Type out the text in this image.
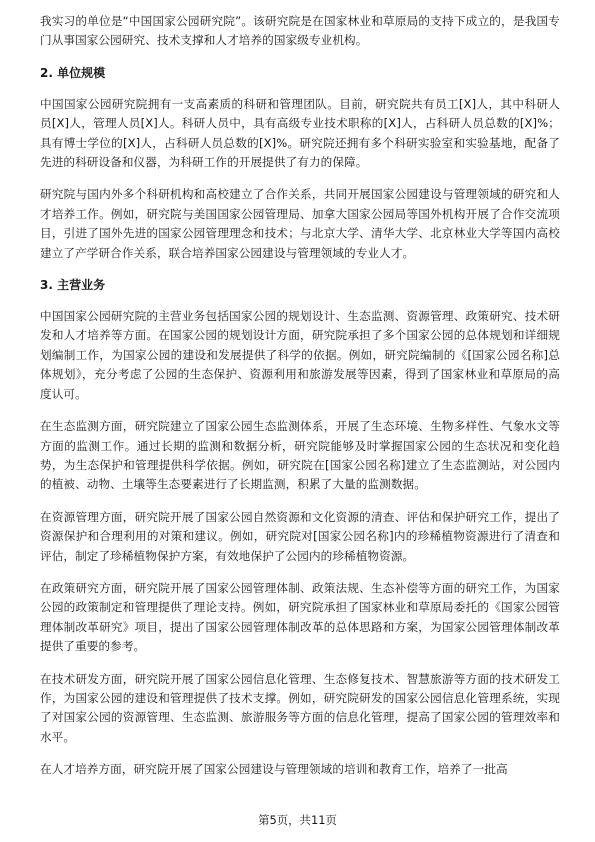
我实习的单位是“中国国家公园研究院”。该研究院是在国家林业和草原局的支持下成立的，是我国专门从事国家公园研究、技术支撑和人才培养的国家级专业机构。

2. 单位规模

中国国家公园研究院拥有一支高素质的科研和管理团队。目前，研究院共有员工[X]人，其中科研人员[X]人，管理人员[X]人。科研人员中，具有高级专业技术职称的[X]人，占科研人员总数的[X]%；具有博士学位的[X]人，占科研人员总数的[X]%。研究院还拥有多个科研实验室和实验基地，配备了先进的科研设备和仪器，为科研工作的开展提供了有力的保障。

研究院与国内外多个科研机构和高校建立了合作关系，共同开展国家公园建设与管理领域的研究和人才培养工作。例如，研究院与美国国家公园管理局、加拿大国家公园局等国外机构开展了合作交流项目，引进了国外先进的国家公园管理理念和技术；与北京大学、清华大学、北京林业大学等国内高校建立了产学研合作关系，联合培养国家公园建设与管理领域的专业人才。

3. 主营业务

中国国家公园研究院的主营业务包括国家公园的规划设计、生态监测、资源管理、政策研究、技术研发和人才培养等方面。在国家公园的规划设计方面，研究院承担了多个国家公园的总体规划和详细规划编制工作，为国家公园的建设和发展提供了科学的依据。例如，研究院编制的《[国家公园名称]总体规划》，充分考虑了公园的生态保护、资源利用和旅游发展等因素，得到了国家林业和草原局的高度认可。

在生态监测方面，研究院建立了国家公园生态监测体系，开展了生态环境、生物多样性、气象水文等方面的监测工作。通过长期的监测和数据分析，研究院能够及时掌握国家公园的生态状况和变化趋势，为生态保护和管理提供科学依据。例如，研究院在[国家公园名称]建立了生态监测站，对公园内的植被、动物、土壤等生态要素进行了长期监测，积累了大量的监测数据。

在资源管理方面，研究院开展了国家公园自然资源和文化资源的清查、评估和保护研究工作，提出了资源保护和合理利用的对策和建议。例如，研究院对[国家公园名称]内的珍稀植物资源进行了清查和评估，制定了珍稀植物保护方案，有效地保护了公园内的珍稀植物资源。

在政策研究方面，研究院开展了国家公园管理体制、政策法规、生态补偿等方面的研究工作，为国家公园的政策制定和管理提供了理论支持。例如，研究院承担了国家林业和草原局委托的《国家公园管理体制改革研究》项目，提出了国家公园管理体制改革的总体思路和方案，为国家公园管理体制改革提供了重要的参考。

在技术研发方面，研究院开展了国家公园信息化管理、生态修复技术、智慧旅游等方面的技术研发工作，为国家公园的建设和管理提供了技术支撑。例如，研究院研发的国家公园信息化管理系统，实现了对国家公园的资源管理、生态监测、旅游服务等方面的信息化管理，提高了国家公园的管理效率和水平。

在人才培养方面，研究院开展了国家公园建设与管理领域的培训和教育工作，培养了一批高

第5页，共11页
